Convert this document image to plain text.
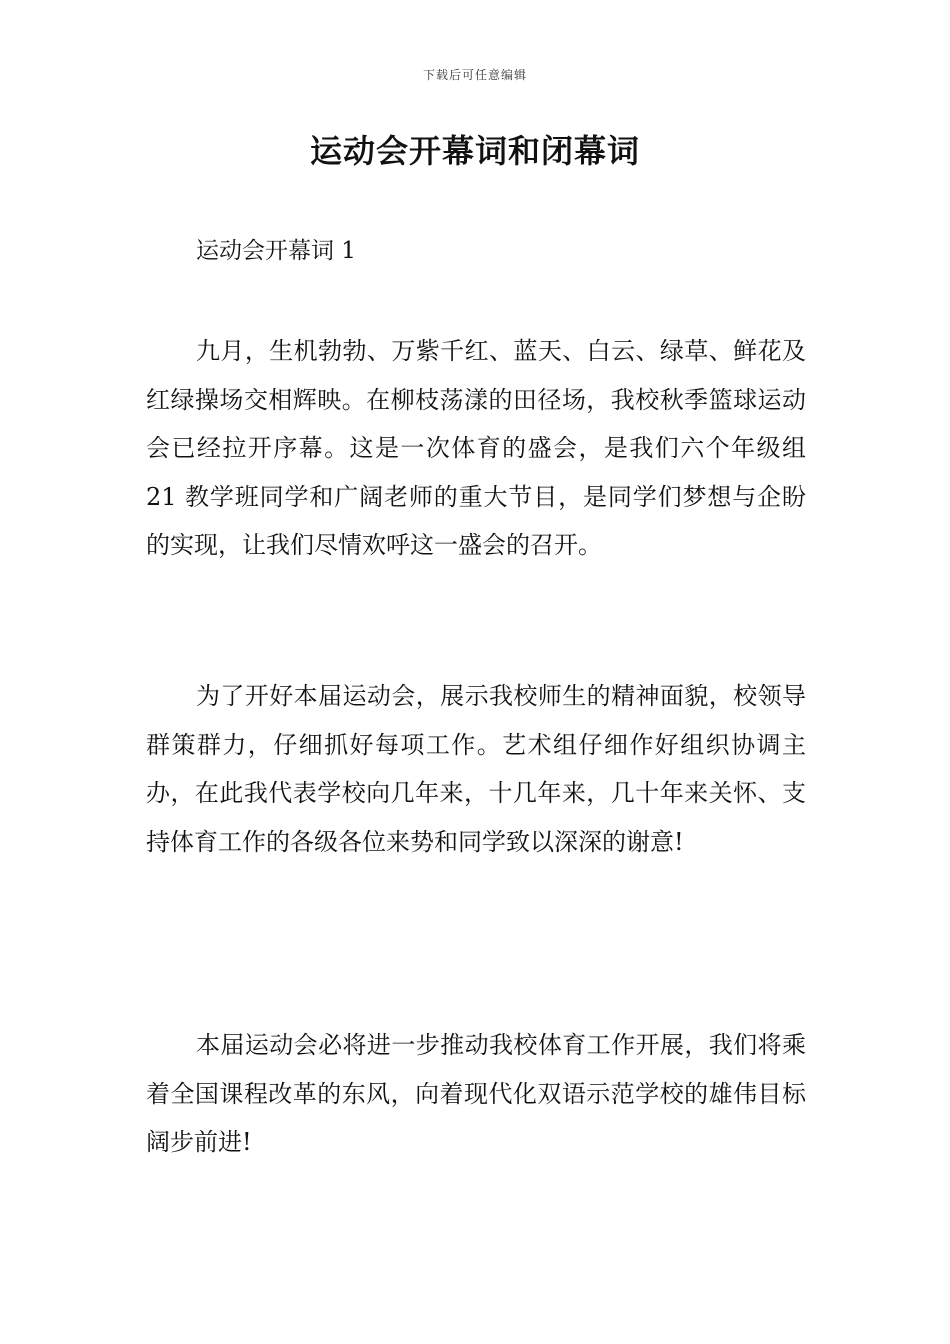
下载后可任意编辑
运动会开幕词和闭幕词

运动会开幕词 1

九月，生机勃勃、万紫千红、蓝天、白云、绿草、鲜花及红绿操场交相辉映。在柳枝荡漾的田径场，我校秋季篮球运动会已经拉开序幕。这是一次体育的盛会，是我们六个年级组 21 教学班同学和广阔老师的重大节目，是同学们梦想与企盼的实现，让我们尽情欢呼这一盛会的召开。

为了开好本届运动会，展示我校师生的精神面貌，校领导群策群力，仔细抓好每项工作。艺术组仔细作好组织协调主办，在此我代表学校向几年来，十几年来，几十年来关怀、支持体育工作的各级各位来势和同学致以深深的谢意!

本届运动会必将进一步推动我校体育工作开展，我们将乘着全国课程改革的东风，向着现代化双语示范学校的雄伟目标阔步前进!
